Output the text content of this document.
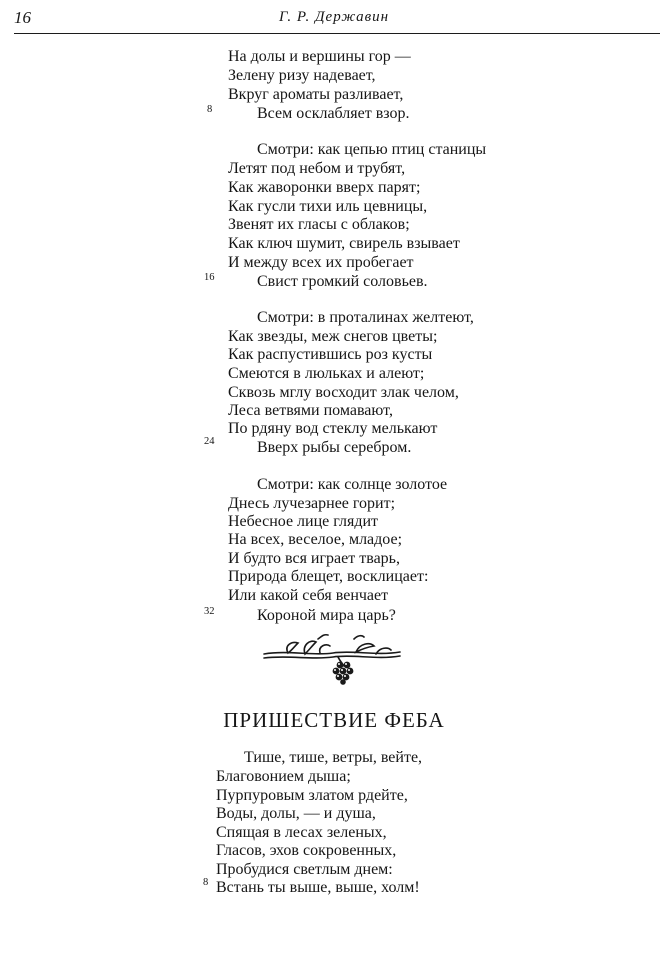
16	Г. Р. Державин
На долы и вершины гор —
Зелену ризу надевает,
Вкруг ароматы разливает,
Всем осклабляет взор.
8
Смотри: как цепью птиц станицы
Летят под небом и трубят,
Как жаворонки вверх парят;
Как гусли тихи иль цевницы,
Звенят их гласы с облаков;
Как ключ шумит, свирель взывает
И между всех их пробегает
Свист громкий соловьев.
16
Смотри: в проталинах желтеют,
Как звезды, меж снегов цветы;
Как распустившись роз кусты
Смеются в люльках и алеют;
Сквозь мглу восходит злак челом,
Леса ветвями помавают,
По рдяну вод стеклу мелькают
Вверх рыбы серебром.
24
Смотри: как солнце золотое
Днесь лучезарнее горит;
Небесное лице глядит
На всех, веселое, младое;
И будто вся играет тварь,
Природа блещет, восклицает:
Или какой себя венчает
Короной мира царь?
32
ПРИШЕСТВИЕ ФЕБА
Тише, тише, ветры, вейте,
Благовонием дыша;
Пурпуровым златом рдейте,
Воды, долы, — и душа,
Спящая в лесах зеленых,
Гласов, эхов сокровенных,
Пробудися светлым днем:
Встань ты выше, выше, холм!
8
